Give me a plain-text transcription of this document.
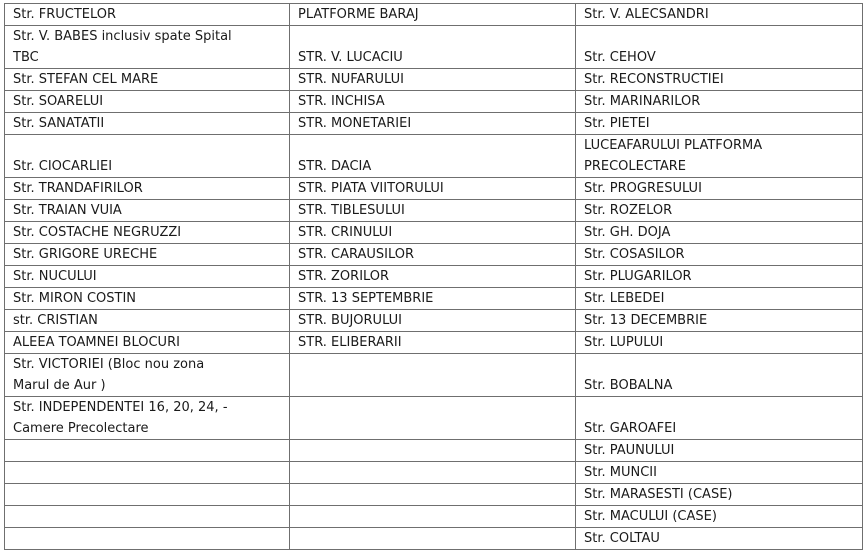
Str. FRUCTELOR	PLATFORME BARAJ	Str. V. ALECSANDRI

Str. V. BABES inclusiv spate Spital
TBC	STR. V. LUCACIU	Str. CEHOV

Str. STEFAN CEL MARE	STR. NUFARULUI	Str. RECONSTRUCTIEI
Str. SOARELUI	STR. INCHISA	Str. MARINARILOR
Str. SANATATII	STR. MONETARIEI	Str. PIETEI

Str. CIOCARLIEI	STR. DACIA	LUCEAFARULUI PLATFORMA
PRECOLECTARE

Str. TRANDAFIRILOR	STR. PIATA VIITORULUI	Str. PROGRESULUI
Str. TRAIAN VUIA	STR. TIBLESULUI	Str. ROZELOR
Str. COSTACHE NEGRUZZI	STR. CRINULUI	Str. GH. DOJA
Str. GRIGORE URECHE	STR. CARAUSILOR	Str. COSASILOR
Str. NUCULUI	STR. ZORILOR	Str. PLUGARILOR
Str. MIRON COSTIN	STR. 13 SEPTEMBRIE	Str. LEBEDEI
str. CRISTIAN	STR. BUJORULUI	Str. 13 DECEMBRIE
ALEEA TOAMNEI BLOCURI	STR. ELIBERARII	Str. LUPULUI

Str. VICTORIEI (Bloc nou zona
Marul de Aur )		Str. BOBALNA

Str. INDEPENDENTEI 16, 20, 24, -
Camere Precolectare		Str. GAROAFEI

		Str. PAUNULUI
		Str. MUNCII
		Str. MARASESTI (CASE)
		Str. MACULUI (CASE)
		Str. COLTAU
